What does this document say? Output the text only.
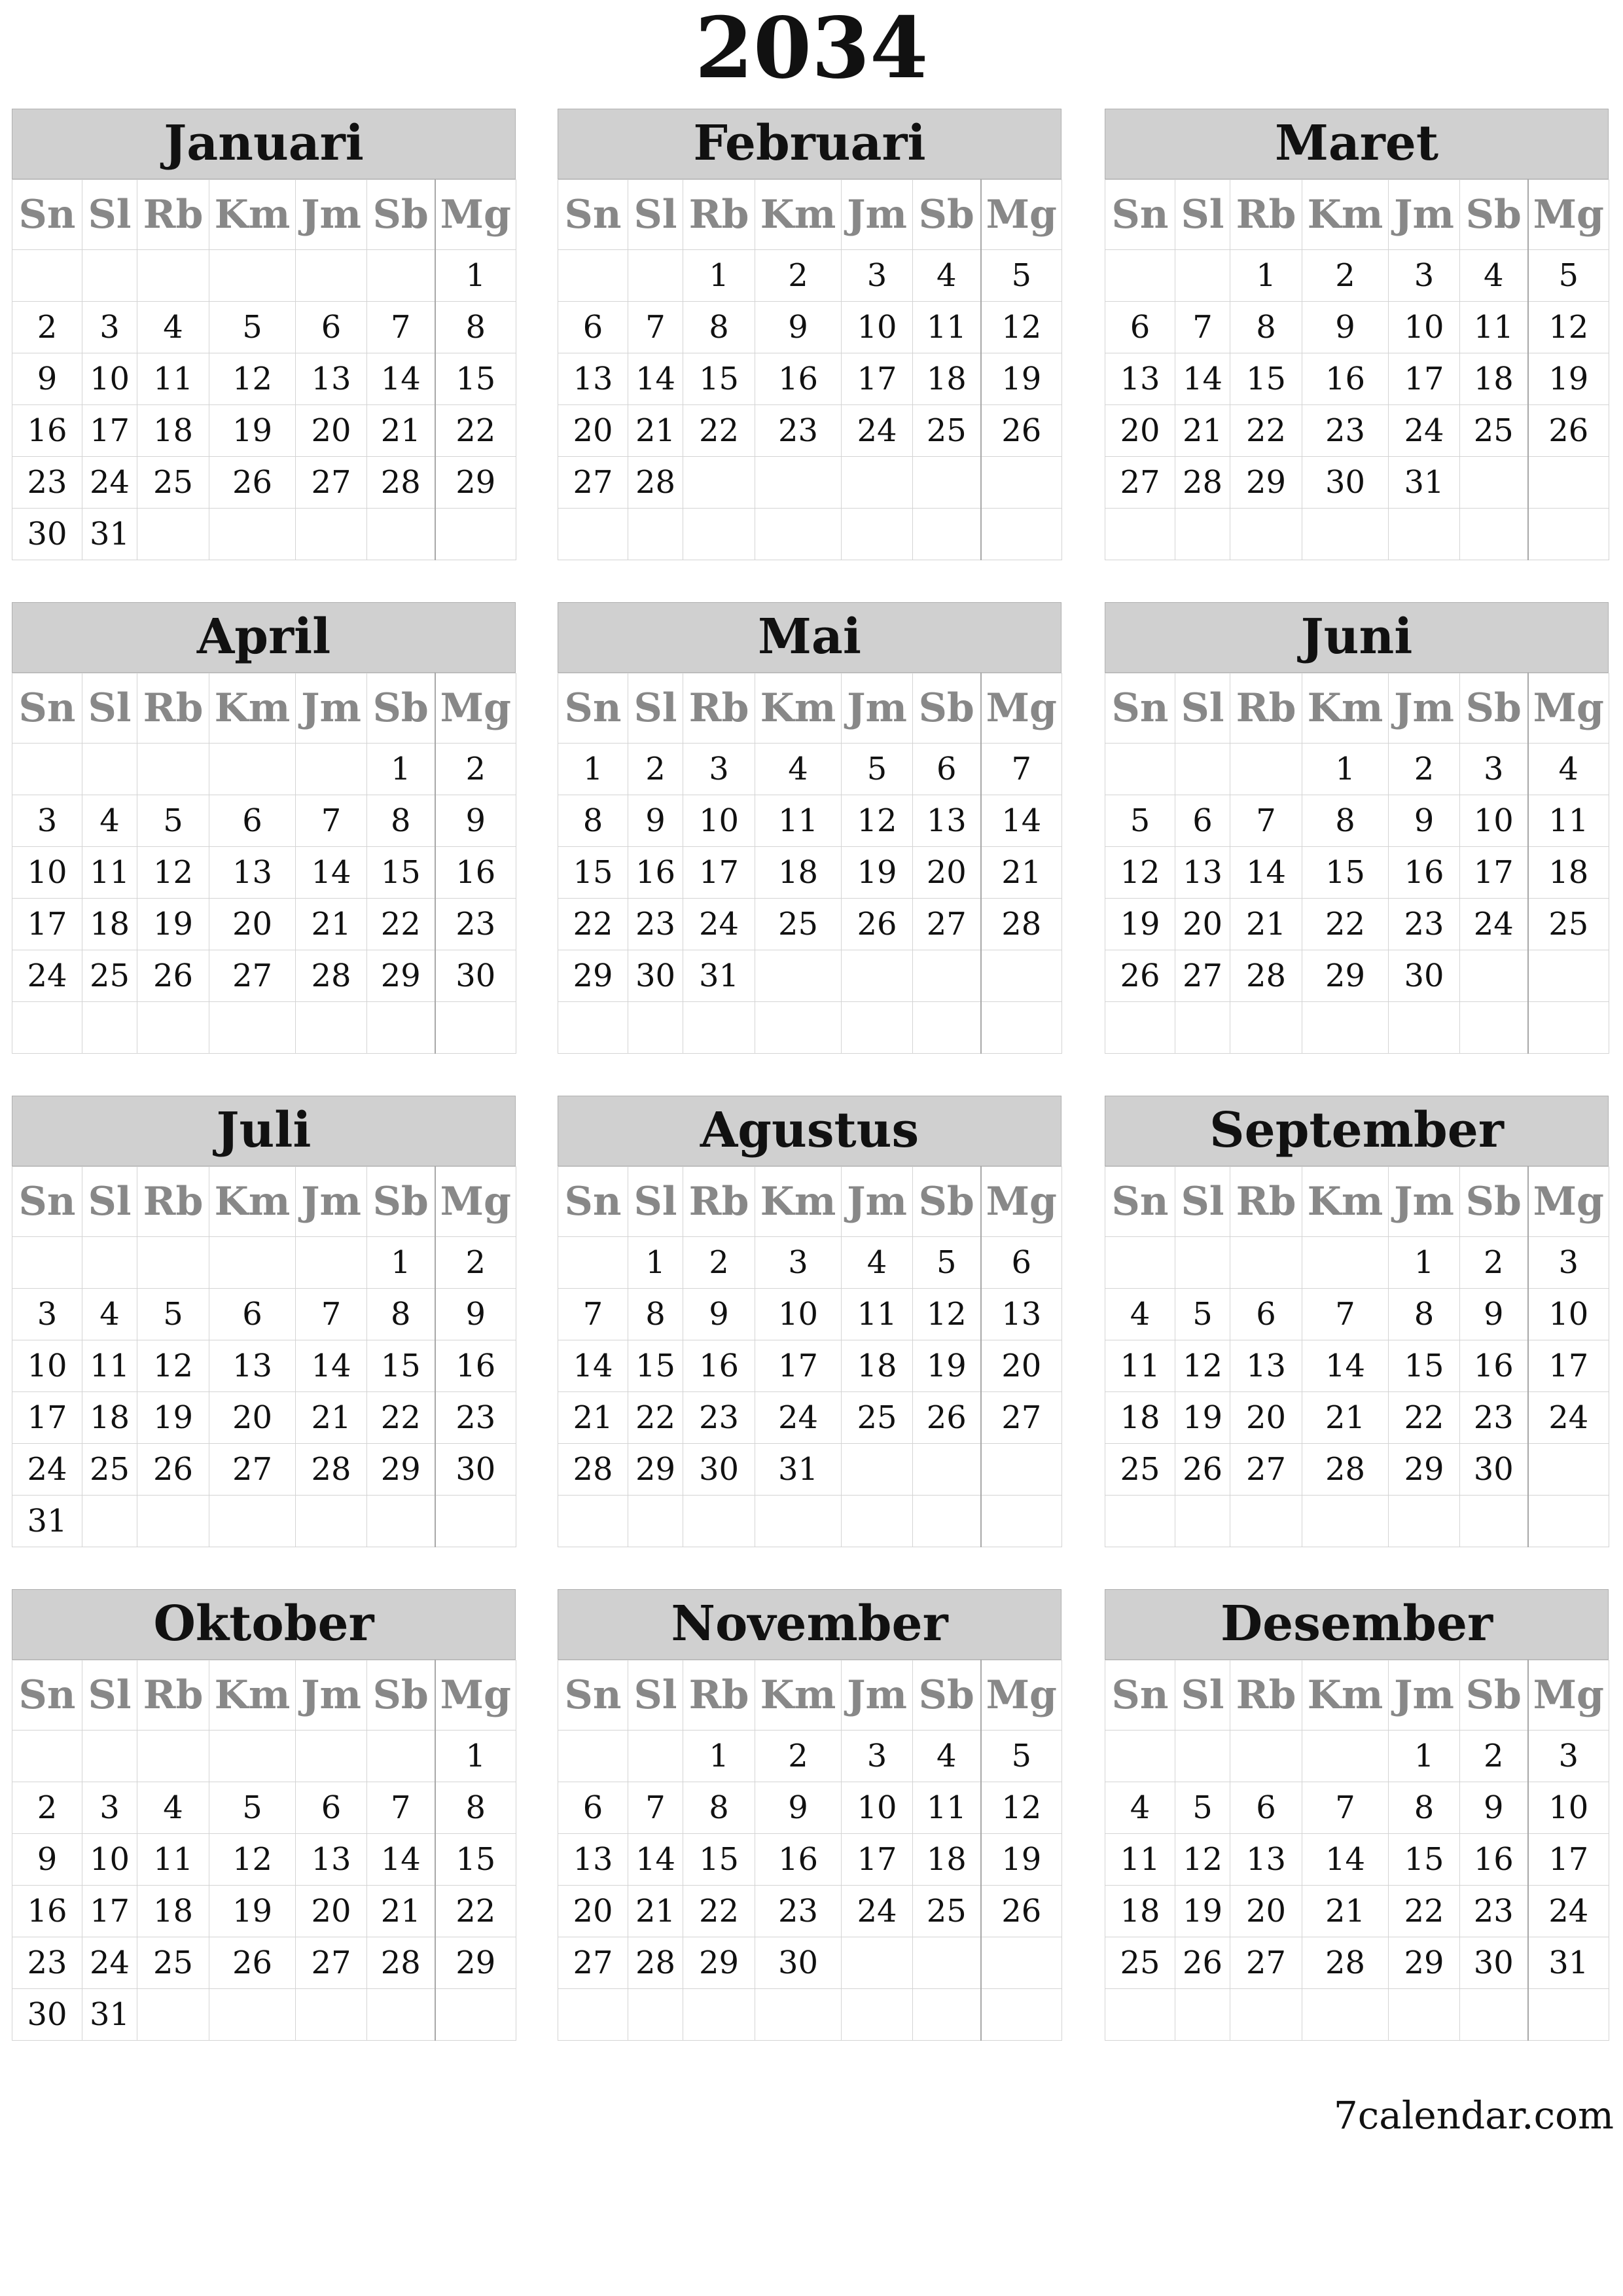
2034
Januari
Sn	Sl	Rb	Km	Jm	Sb	Mg
						1
2	3	4	5	6	7	8
9	10	11	12	13	14	15
16	17	18	19	20	21	22
23	24	25	26	27	28	29
30	31					
Februari
Sn	Sl	Rb	Km	Jm	Sb	Mg
		1	2	3	4	5
6	7	8	9	10	11	12
13	14	15	16	17	18	19
20	21	22	23	24	25	26
27	28					

Maret
Sn	Sl	Rb	Km	Jm	Sb	Mg
		1	2	3	4	5
6	7	8	9	10	11	12
13	14	15	16	17	18	19
20	21	22	23	24	25	26
27	28	29	30	31		

April
Sn	Sl	Rb	Km	Jm	Sb	Mg
					1	2
3	4	5	6	7	8	9
10	11	12	13	14	15	16
17	18	19	20	21	22	23
24	25	26	27	28	29	30

Mai
Sn	Sl	Rb	Km	Jm	Sb	Mg
1	2	3	4	5	6	7
8	9	10	11	12	13	14
15	16	17	18	19	20	21
22	23	24	25	26	27	28
29	30	31				

Juni
Sn	Sl	Rb	Km	Jm	Sb	Mg
			1	2	3	4
5	6	7	8	9	10	11
12	13	14	15	16	17	18
19	20	21	22	23	24	25
26	27	28	29	30		

Juli
Sn	Sl	Rb	Km	Jm	Sb	Mg
					1	2
3	4	5	6	7	8	9
10	11	12	13	14	15	16
17	18	19	20	21	22	23
24	25	26	27	28	29	30
31						
Agustus
Sn	Sl	Rb	Km	Jm	Sb	Mg
	1	2	3	4	5	6
7	8	9	10	11	12	13
14	15	16	17	18	19	20
21	22	23	24	25	26	27
28	29	30	31			

September
Sn	Sl	Rb	Km	Jm	Sb	Mg
				1	2	3
4	5	6	7	8	9	10
11	12	13	14	15	16	17
18	19	20	21	22	23	24
25	26	27	28	29	30	

Oktober
Sn	Sl	Rb	Km	Jm	Sb	Mg
						1
2	3	4	5	6	7	8
9	10	11	12	13	14	15
16	17	18	19	20	21	22
23	24	25	26	27	28	29
30	31					
November
Sn	Sl	Rb	Km	Jm	Sb	Mg
		1	2	3	4	5
6	7	8	9	10	11	12
13	14	15	16	17	18	19
20	21	22	23	24	25	26
27	28	29	30			

Desember
Sn	Sl	Rb	Km	Jm	Sb	Mg
				1	2	3
4	5	6	7	8	9	10
11	12	13	14	15	16	17
18	19	20	21	22	23	24
25	26	27	28	29	30	31

7calendar.com
